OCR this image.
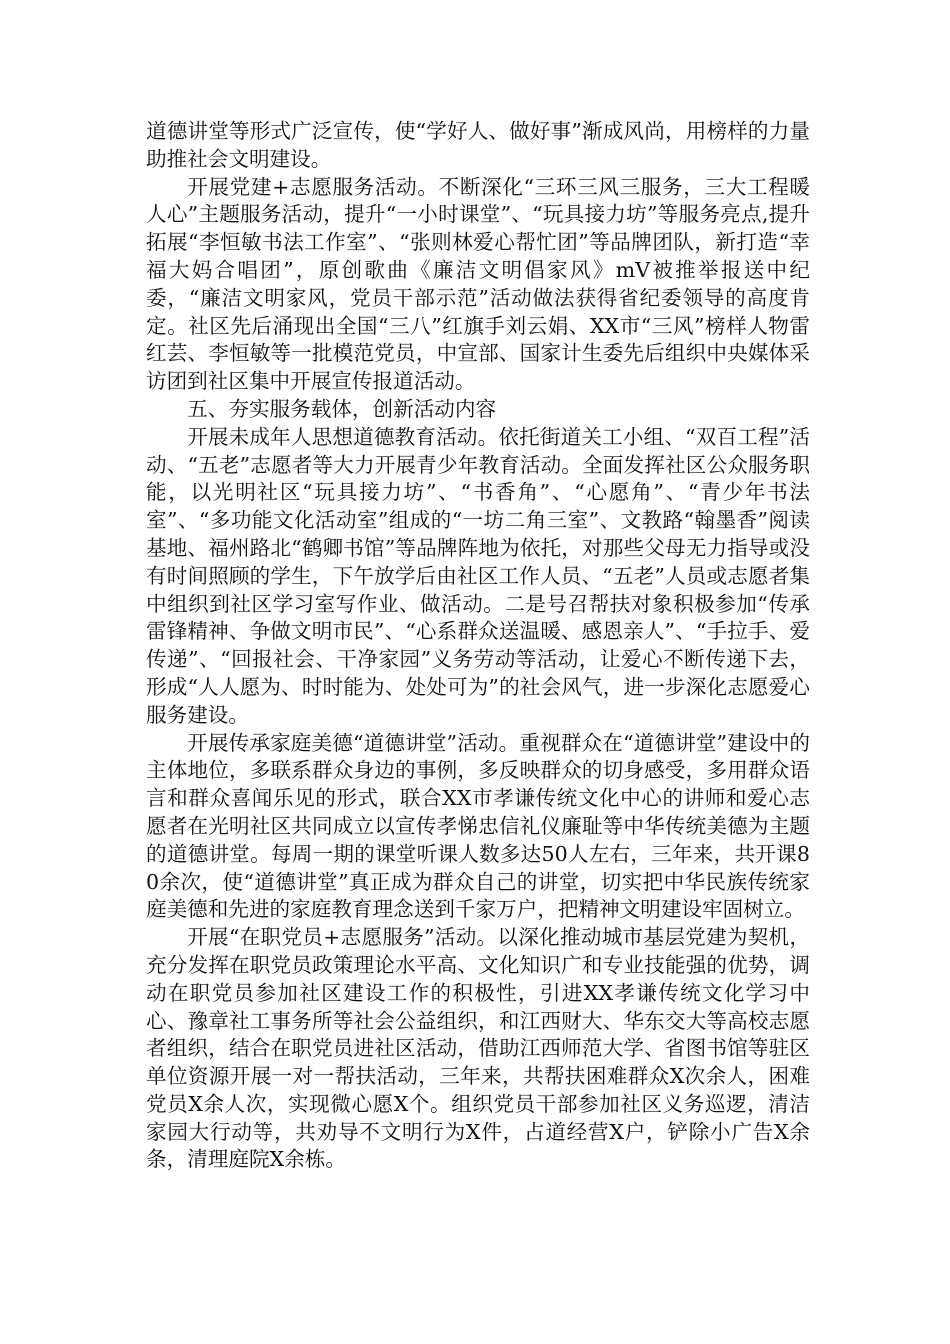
道德讲堂等形式广泛宣传，使“学好人、做好事”渐成风尚，用榜样的力量助推社会文明建设。

开展党建+志愿服务活动。不断深化“三环三风三服务，三大工程暖人心”主题服务活动，提升“一小时课堂”、“玩具接力坊”等服务亮点,提升拓展“李恒敏书法工作室”、“张则林爱心帮忙团”等品牌团队，新打造“幸福大妈合唱团”，原创歌曲《廉洁文明倡家风》mV被推举报送中纪委，“廉洁文明家风，党员干部示范”活动做法获得省纪委领导的高度肯定。社区先后涌现出全国“三八”红旗手刘云娟、XX市“三风”榜样人物雷红芸、李恒敏等一批模范党员，中宣部、国家计生委先后组织中央媒体采访团到社区集中开展宣传报道活动。

五、夯实服务载体，创新活动内容

开展未成年人思想道德教育活动。依托街道关工小组、“双百工程”活动、“五老”志愿者等大力开展青少年教育活动。全面发挥社区公众服务职能，以光明社区“玩具接力坊”、“书香角”、“心愿角”、“青少年书法室”、“多功能文化活动室”组成的“一坊二角三室”、文教路“翰墨香”阅读基地、福州路北“鹤卿书馆”等品牌阵地为依托，对那些父母无力指导或没有时间照顾的学生，下午放学后由社区工作人员、“五老”人员或志愿者集中组织到社区学习室写作业、做活动。二是号召帮扶对象积极参加“传承雷锋精神、争做文明市民”、“心系群众送温暖、感恩亲人”、“手拉手、爱传递”、“回报社会、干净家园”义务劳动等活动，让爱心不断传递下去，形成“人人愿为、时时能为、处处可为”的社会风气，进一步深化志愿爱心服务建设。

开展传承家庭美德“道德讲堂”活动。重视群众在“道德讲堂”建设中的主体地位，多联系群众身边的事例，多反映群众的切身感受，多用群众语言和群众喜闻乐见的形式，联合XX市孝谦传统文化中心的讲师和爱心志愿者在光明社区共同成立以宣传孝悌忠信礼仪廉耻等中华传统美德为主题的道德讲堂。每周一期的课堂听课人数多达50人左右，三年来，共开课80余次，使“道德讲堂”真正成为群众自己的讲堂，切实把中华民族传统家庭美德和先进的家庭教育理念送到千家万户，把精神文明建设牢固树立。

开展“在职党员+志愿服务”活动。以深化推动城市基层党建为契机，充分发挥在职党员政策理论水平高、文化知识广和专业技能强的优势，调动在职党员参加社区建设工作的积极性，引进XX孝谦传统文化学习中心、豫章社工事务所等社会公益组织，和江西财大、华东交大等高校志愿者组织，结合在职党员进社区活动，借助江西师范大学、省图书馆等驻区单位资源开展一对一帮扶活动，三年来，共帮扶困难群众X次余人，困难党员X余人次，实现微心愿X个。组织党员干部参加社区义务巡逻，清洁家园大行动等，共劝导不文明行为X件，占道经营X户，铲除小广告X余条，清理庭院X余栋。
